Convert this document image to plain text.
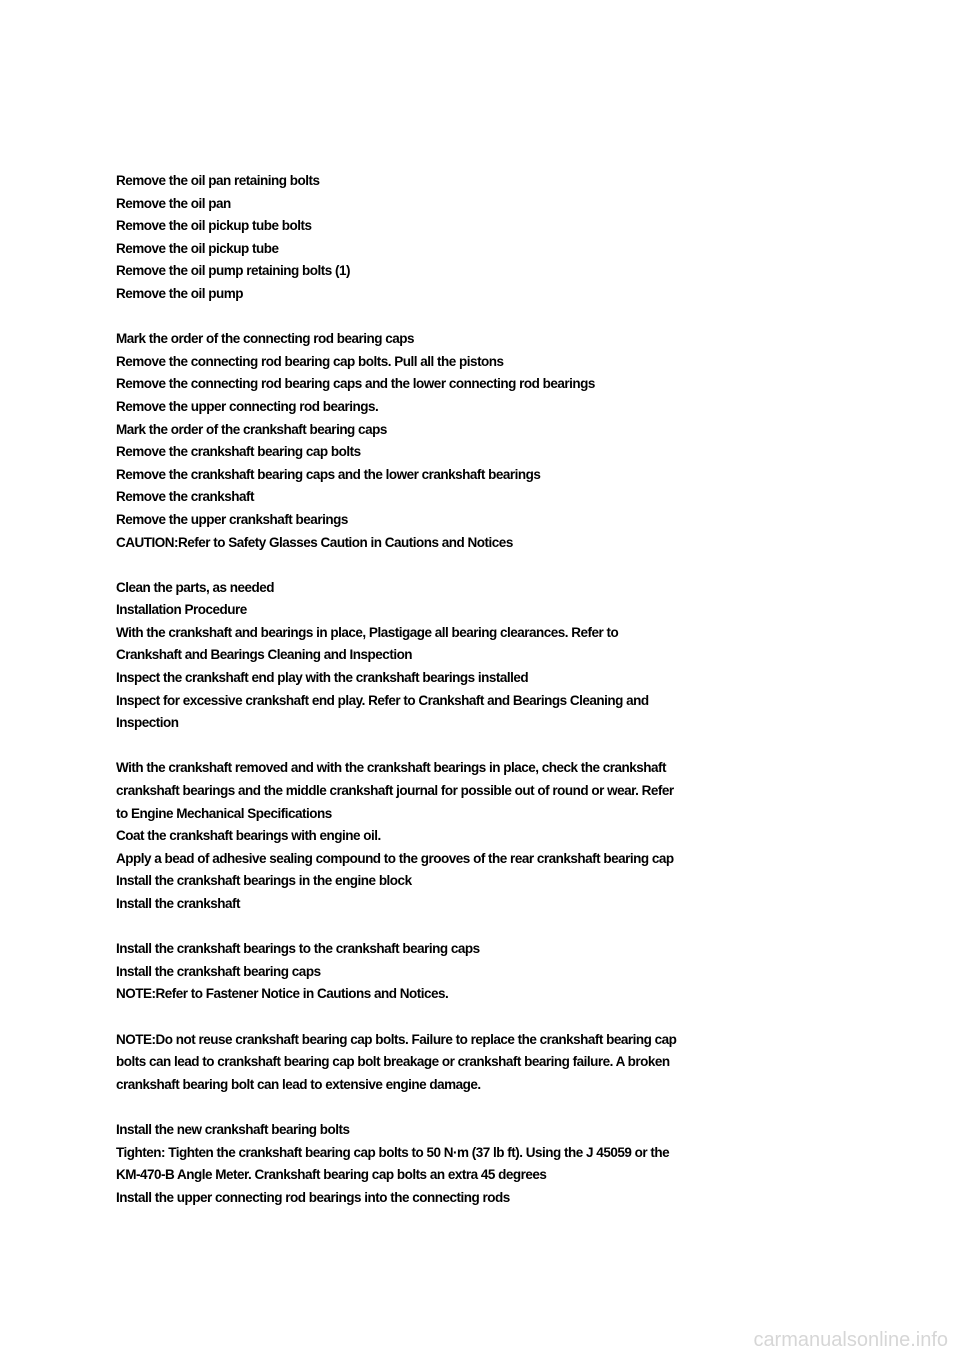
Remove the oil pan retaining bolts
Remove the oil pan
Remove the oil pickup tube bolts
Remove the oil pickup tube
Remove the oil pump retaining bolts (1)
Remove the oil pump
Mark the order of the connecting rod bearing caps
Remove the connecting rod bearing cap bolts. Pull all the pistons
Remove the connecting rod bearing caps and the lower connecting rod bearings
Remove the upper connecting rod bearings.
Mark the order of the crankshaft bearing caps
Remove the crankshaft bearing cap bolts
Remove the crankshaft bearing caps and the lower crankshaft bearings
Remove the crankshaft
Remove the upper crankshaft bearings
CAUTION:Refer to Safety Glasses Caution in Cautions and Notices
Clean the parts, as needed
Installation Procedure
With the crankshaft and bearings in place, Plastigage all bearing clearances. Refer to
Crankshaft and Bearings Cleaning and Inspection
Inspect the crankshaft end play with the crankshaft bearings installed
Inspect for excessive crankshaft end play. Refer to Crankshaft and Bearings Cleaning and
Inspection
With the crankshaft removed and with the crankshaft bearings in place, check the crankshaft
crankshaft bearings and the middle crankshaft journal for possible out of round or wear. Refer
to Engine Mechanical Specifications
Coat the crankshaft bearings with engine oil.
Apply a bead of adhesive sealing compound to the grooves of the rear crankshaft bearing cap
Install the crankshaft bearings in the engine block
Install the crankshaft
Install the crankshaft bearings to the crankshaft bearing caps
Install the crankshaft bearing caps
NOTE:Refer to Fastener Notice in Cautions and Notices.
NOTE:Do not reuse crankshaft bearing cap bolts. Failure to replace the crankshaft bearing cap
bolts can lead to crankshaft bearing cap bolt breakage or crankshaft bearing failure. A broken
crankshaft bearing bolt can lead to extensive engine damage.
Install the new crankshaft bearing bolts
Tighten: Tighten the crankshaft bearing cap bolts to 50 N·m (37 lb ft). Using the J 45059 or the
KM-470-B Angle Meter. Crankshaft bearing cap bolts an extra 45 degrees
Install the upper connecting rod bearings into the connecting rods
carmanualsonline.info
